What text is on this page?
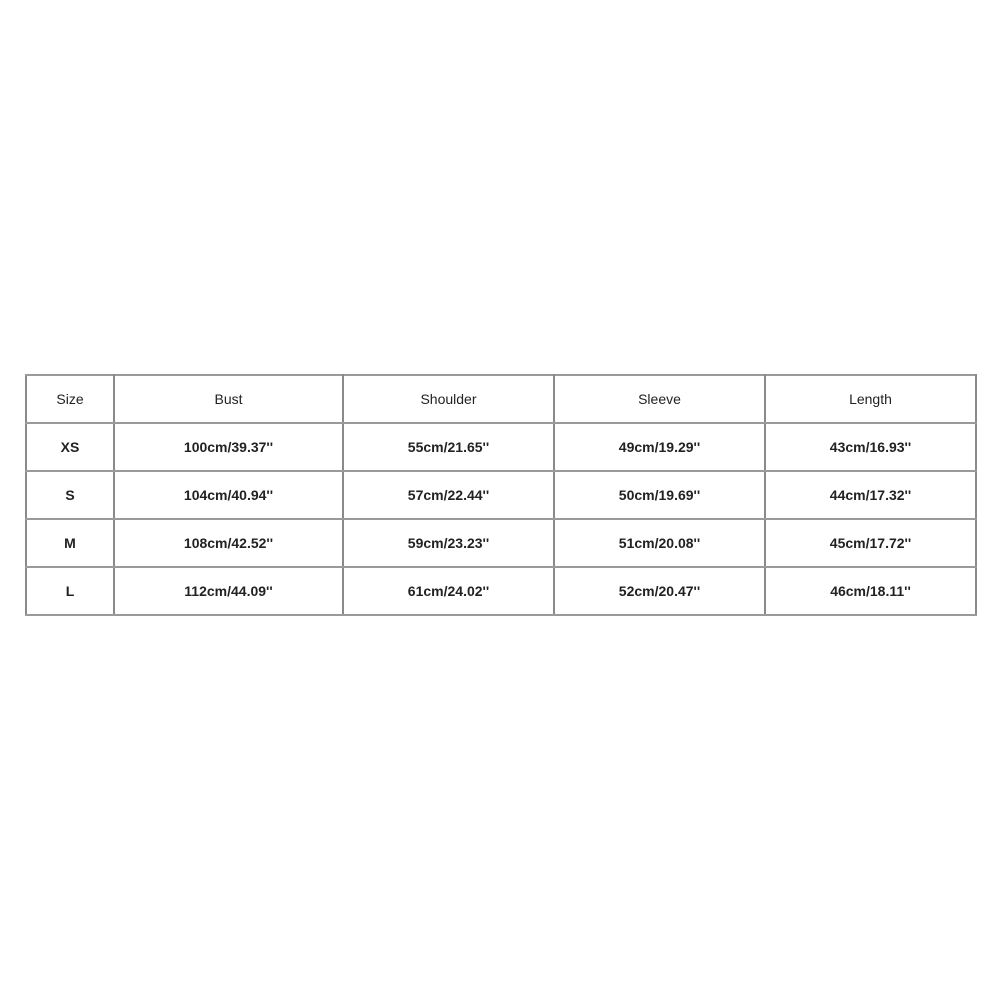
Size	Bust	Shoulder	Sleeve	Length
XS	100cm/39.37''	55cm/21.65''	49cm/19.29''	43cm/16.93''
S	104cm/40.94''	57cm/22.44''	50cm/19.69''	44cm/17.32''
M	108cm/42.52''	59cm/23.23''	51cm/20.08''	45cm/17.72''
L	112cm/44.09''	61cm/24.02''	52cm/20.47''	46cm/18.11''
